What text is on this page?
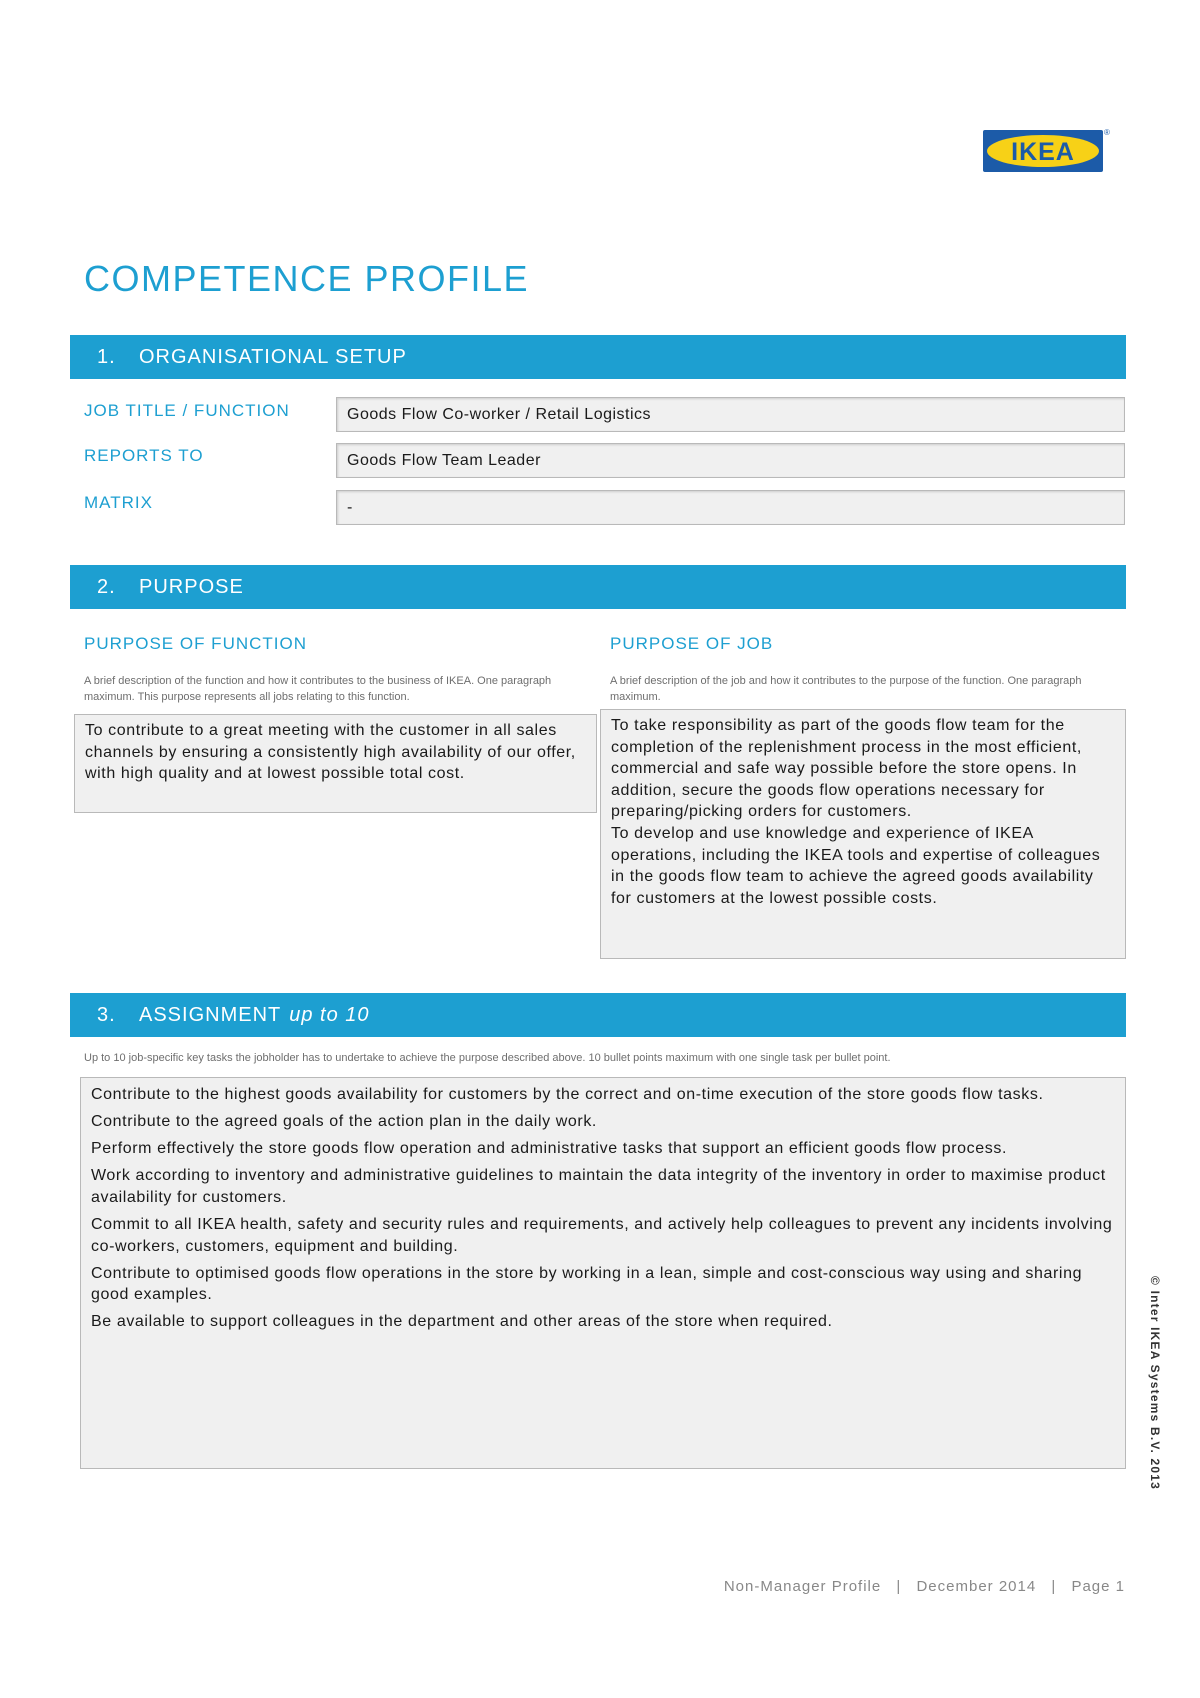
IKEA
®
COMPETENCE PROFILE
1.	ORGANISATIONAL SETUP
JOB TITLE / FUNCTION	Goods Flow Co-worker / Retail Logistics
REPORTS TO	Goods Flow Team Leader
MATRIX	-
2.	PURPOSE
PURPOSE OF FUNCTION
A brief description of the function and how it contributes to the business of IKEA. One paragraph maximum. This purpose represents all jobs relating to this function.
To contribute to a great meeting with the customer in all sales channels by ensuring a consistently high availability of our offer, with high quality and at lowest possible total cost.
PURPOSE OF JOB
A brief description of the job and how it contributes to the purpose of the function. One paragraph maximum.
To take responsibility as part of the goods flow team for the completion of the replenishment process in the most efficient, commercial and safe way possible before the store opens. In addition, secure the goods flow operations necessary for preparing/picking orders for customers.
To develop and use knowledge and experience of IKEA operations, including the IKEA tools and expertise of colleagues in the goods flow team to achieve the agreed goods availability for customers at the lowest possible costs.
3.	ASSIGNMENT up to 10
Up to 10 job-specific key tasks the jobholder has to undertake to achieve the purpose described above. 10 bullet points maximum with one single task per bullet point.
Contribute to the highest goods availability for customers by the correct and on-time execution of the store goods flow tasks.
Contribute to the agreed goals of the action plan in the daily work.
Perform effectively the store goods flow operation and administrative tasks that support an efficient goods flow process.
Work according to inventory and administrative guidelines to maintain the data integrity of the inventory in order to maximise product availability for customers.
Commit to all IKEA health, safety and security rules and requirements, and actively help colleagues to prevent any incidents involving co-workers, customers, equipment and building.
Contribute to optimised goods flow operations in the store by working in a lean, simple and cost-conscious way using and sharing good examples.
Be available to support colleagues in the department and other areas of the store when required.	© Inter IKEA Systems B.V. 2013
Non-Manager Profile | December 2014 | Page 1
